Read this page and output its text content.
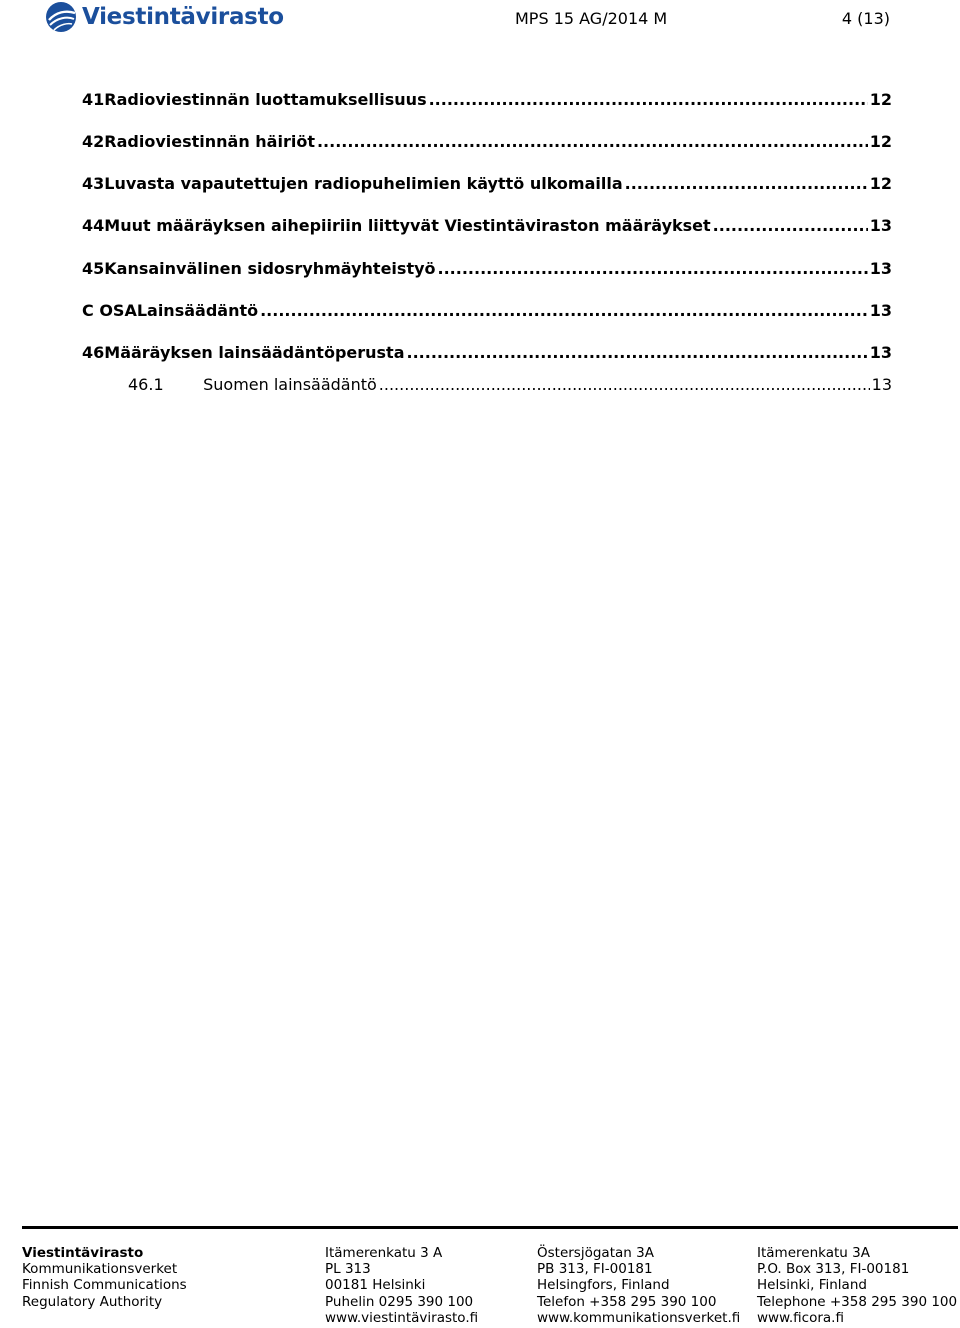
Viestintävirasto	MPS 15 AG/2014 M	4 (13)
41 Radioviestinnän luottamuksellisuus .....	12
42 Radioviestinnän häiriöt .....	12
43 Luvasta vapautettujen radiopuhelimien käyttö ulkomailla .....	12
44 Muut määräyksen aihepiiriin liittyvät Viestintäviraston määräykset .....	13
45 Kansainvälinen sidosryhmäyhteistyö .....	13
C OSA Lainsäädäntö .....	13
46 Määräyksen lainsäädäntöperusta .....	13
46.1	Suomen lainsäädäntö .....	13
Viestintävirasto
Kommunikationsverket
Finnish Communications
Regulatory Authority
Itämerenkatu 3 A
PL 313
00181 Helsinki
Puhelin 0295 390 100
www.viestintävirasto.fi
Östersjögatan 3A
PB 313, FI-00181
Helsingfors, Finland
Telefon +358 295 390 100
www.kommunikationsverket.fi
Itämerenkatu 3A
P.O. Box 313, FI-00181
Helsinki, Finland
Telephone +358 295 390 100
www.ficora.fi
